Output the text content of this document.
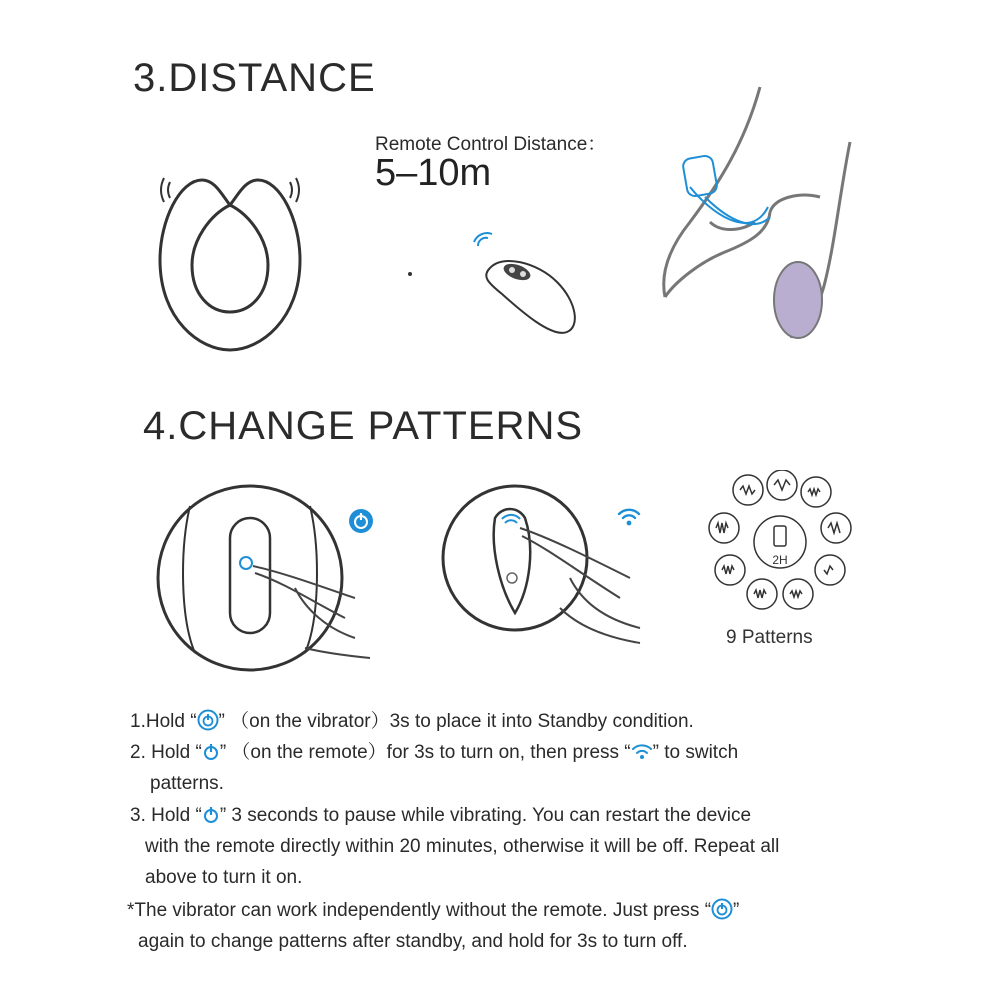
3.DISTANCE
Remote Control Distance：
5–10m
4.CHANGE PATTERNS
2H
9 Patterns
1.Hold “ ” （on the vibrator）3s to place it into Standby condition.
2. Hold “ ” （on the remote）for 3s to turn on, then press “ ” to switch
patterns.
3. Hold “ ” 3 seconds to pause while vibrating. You can restart the device
with the remote directly within 20 minutes, otherwise it will be off. Repeat all
above to turn it on.
*The vibrator can work independently without the remote. Just press “ ”
again to change patterns after standby, and hold for 3s to turn off.
